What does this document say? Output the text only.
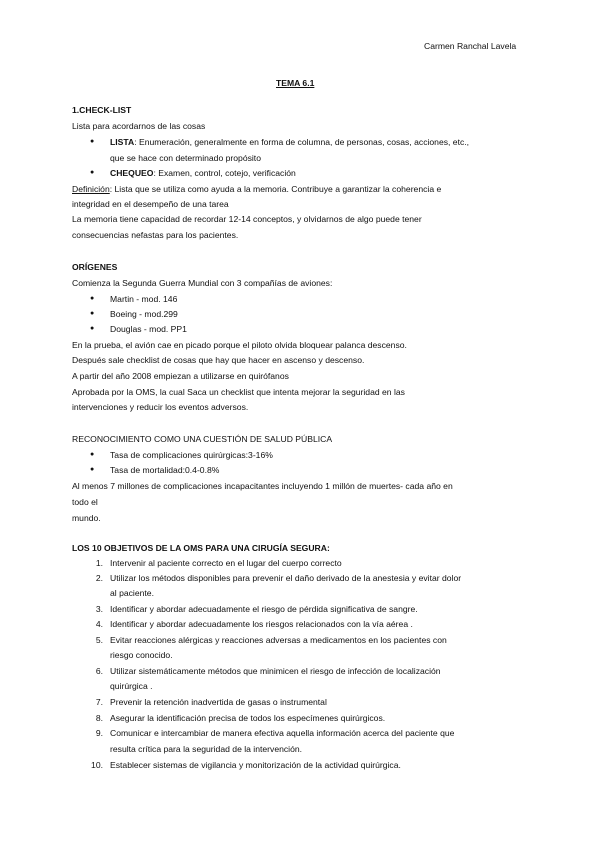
Carmen Ranchal Lavela
TEMA 6.1
1.CHECK-LIST
Lista para acordarnos de las cosas
● LISTA: Enumeración, generalmente en forma de columna, de personas, cosas, acciones, etc.,
que se hace con determinado propósito
● CHEQUEO: Examen, control, cotejo, verificación
Definición: Lista que se utiliza como ayuda a la memoria. Contribuye a garantizar la coherencia e
integridad en el desempeño de una tarea
La memoria tiene capacidad de recordar 12-14 conceptos, y olvidarnos de algo puede tener
consecuencias nefastas para los pacientes.
ORÍGENES
Comienza la Segunda Guerra Mundial con 3 compañías de aviones:
● Martin - mod. 146
● Boeing - mod.299
● Douglas - mod. PP1
En la prueba, el avión cae en picado porque el piloto olvida bloquear palanca descenso.
Después sale checklist de cosas que hay que hacer en ascenso y descenso.
A partir del año 2008 empiezan a utilizarse en quirófanos
Aprobada por la OMS, la cual Saca un checklist que intenta mejorar la seguridad en las
intervenciones y reducir los eventos adversos.
RECONOCIMIENTO COMO UNA CUESTIÓN DE SALUD PÚBLICA
● Tasa de complicaciones quirúrgicas:3-16%
● Tasa de mortalidad:0.4-0.8%
Al menos 7 millones de complicaciones incapacitantes incluyendo 1 millón de muertes- cada año en
todo el
mundo.
LOS 10 OBJETIVOS DE LA OMS PARA UNA CIRUGÍA SEGURA:
1. Intervenir al paciente correcto en el lugar del cuerpo correcto
2. Utilizar los métodos disponibles para prevenir el daño derivado de la anestesia y evitar dolor
al paciente.
3. Identificar y abordar adecuadamente el riesgo de pérdida significativa de sangre.
4. Identificar y abordar adecuadamente los riesgos relacionados con la vía aérea .
5. Evitar reacciones alérgicas y reacciones adversas a medicamentos en los pacientes con
riesgo conocido.
6. Utilizar sistemáticamente métodos que minimicen el riesgo de infección de localización
quirúrgica .
7. Prevenir la retención inadvertida de gasas o instrumental
8. Asegurar la identificación precisa de todos los especímenes quirúrgicos.
9. Comunicar e intercambiar de manera efectiva aquella información acerca del paciente que
resulta crítica para la seguridad de la intervención.
10. Establecer sistemas de vigilancia y monitorización de la actividad quirúrgica.
